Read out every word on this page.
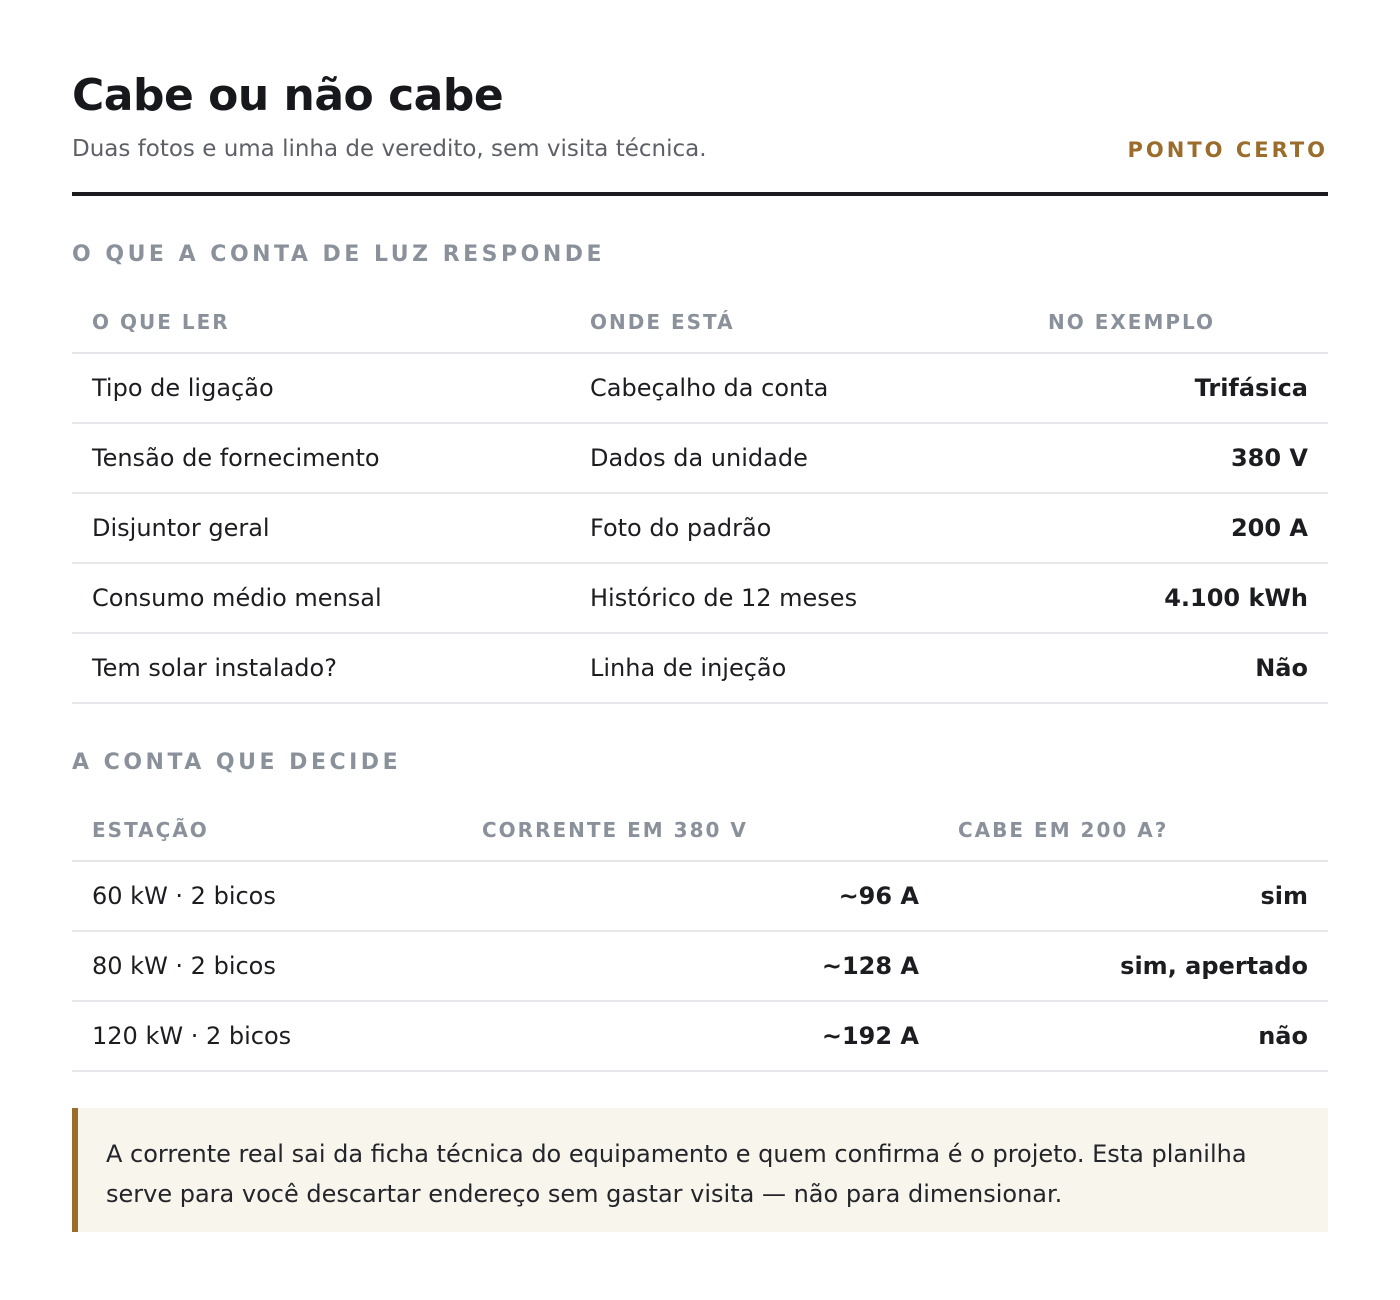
Cabe ou não cabe

Duas fotos e uma linha de veredito, sem visita técnica.	PONTO CERTO
O QUE A CONTA DE LUZ RESPONDE
O QUE LER	ONDE ESTÁ	NO EXEMPLO
Tipo de ligação	Cabeçalho da conta	Trifásica
Tensão de fornecimento	Dados da unidade	380 V
Disjuntor geral	Foto do padrão	200 A
Consumo médio mensal	Histórico de 12 meses	4.100 kWh
Tem solar instalado?	Linha de injeção	Não
A CONTA QUE DECIDE
ESTAÇÃO	CORRENTE EM 380 V	CABE EM 200 A?
60 kW · 2 bicos	~96 A	sim
80 kW · 2 bicos	~128 A	sim, apertado
120 kW · 2 bicos	~192 A	não

A corrente real sai da ficha técnica do equipamento e quem confirma é o projeto. Esta planilha serve para você descartar endereço sem gastar visita — não para dimensionar.
